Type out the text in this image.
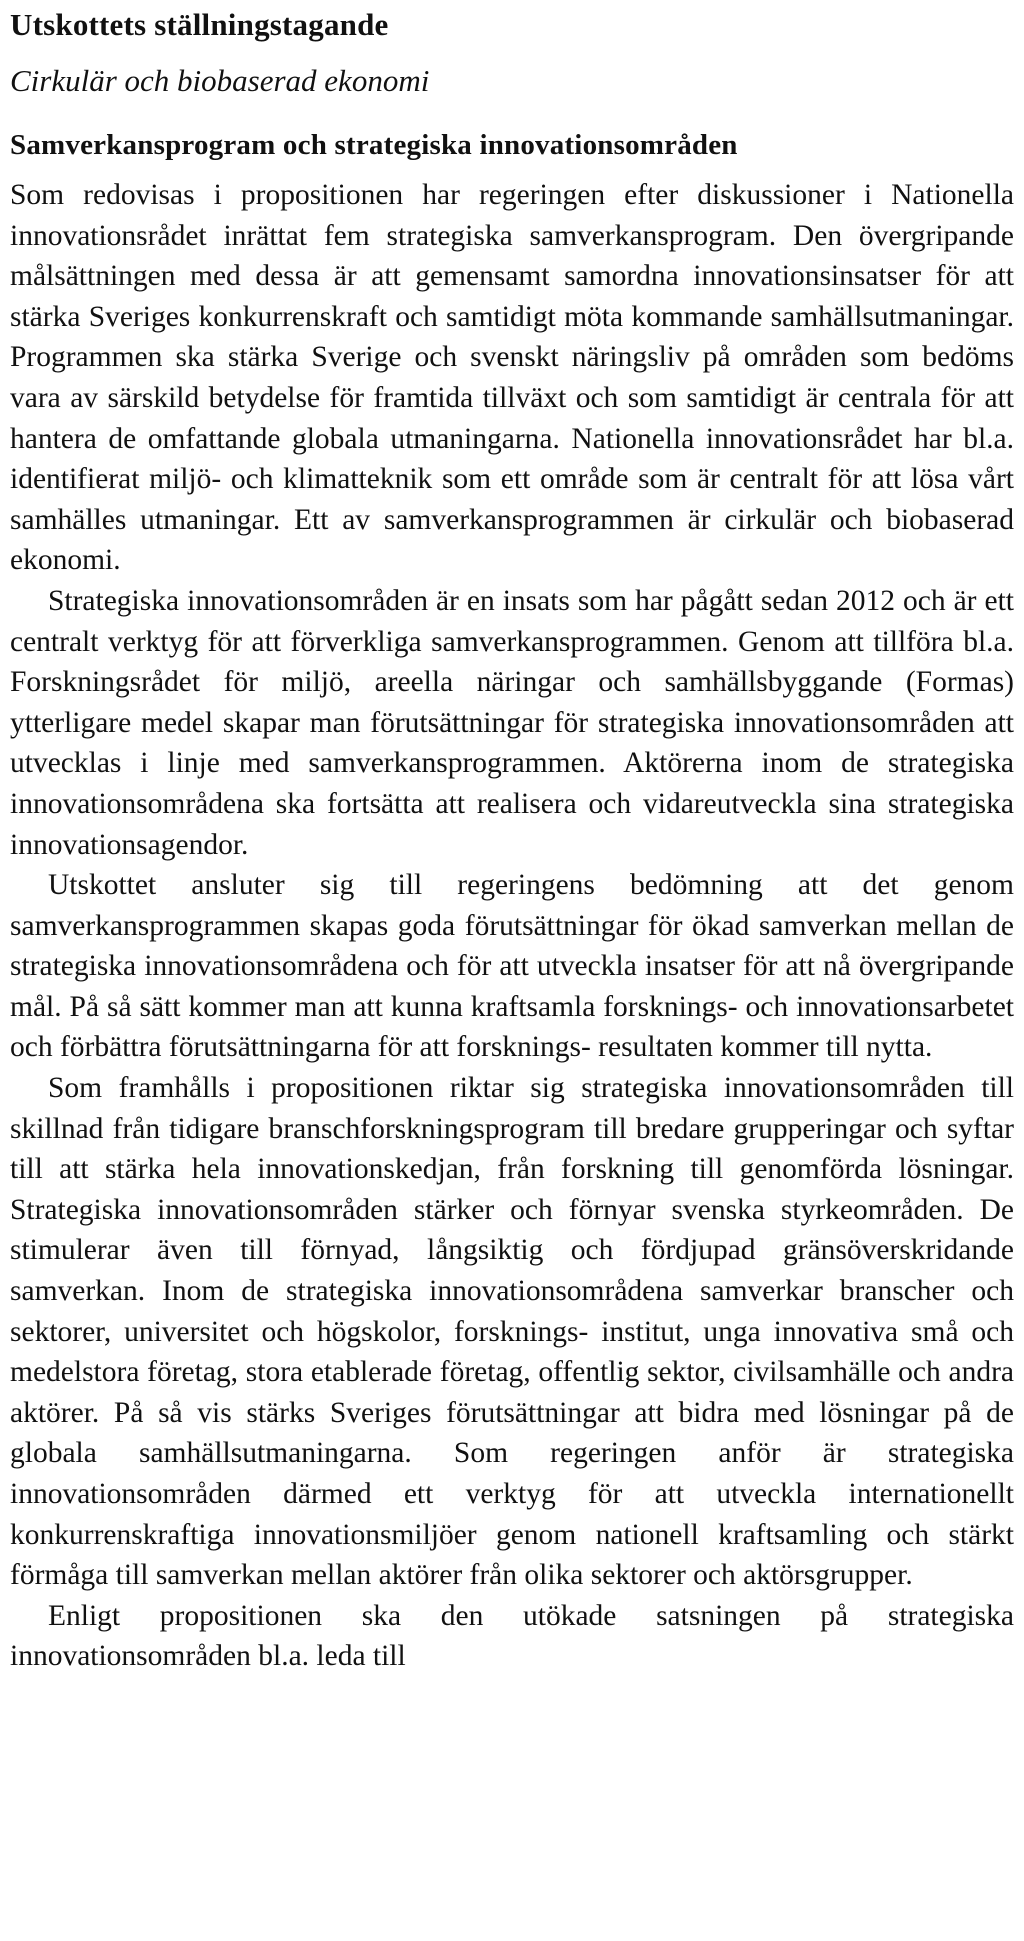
Utskottets ställningstagande
Cirkulär och biobaserad ekonomi
Samverkansprogram och strategiska innovationsområden

Som redovisas i propositionen har regeringen efter diskussioner i Nationella innovationsrådet inrättat fem strategiska samverkansprogram. Den övergripande målsättningen med dessa är att gemensamt samordna innovationsinsatser för att stärka Sveriges konkurrenskraft och samtidigt möta kommande samhällsutmaningar. Programmen ska stärka Sverige och svenskt näringsliv på områden som bedöms vara av särskild betydelse för framtida tillväxt och som samtidigt är centrala för att hantera de omfattande globala utmaningarna. Nationella innovationsrådet har bl.a. identifierat miljö- och klimatteknik som ett område som är centralt för att lösa vårt samhälles utmaningar. Ett av samverkansprogrammen är cirkulär och biobaserad ekonomi.

Strategiska innovationsområden är en insats som har pågått sedan 2012 och är ett centralt verktyg för att förverkliga samverkansprogrammen. Genom att tillföra bl.a. Forskningsrådet för miljö, areella näringar och samhällsbyggande (Formas) ytterligare medel skapar man förutsättningar för strategiska innovationsområden att utvecklas i linje med samverkansprogrammen. Aktörerna inom de strategiska innovationsområdena ska fortsätta att realisera och vidareutveckla sina strategiska innovationsagendor.

Utskottet ansluter sig till regeringens bedömning att det genom samverkansprogrammen skapas goda förutsättningar för ökad samverkan mellan de strategiska innovationsområdena och för att utveckla insatser för att nå övergripande mål. På så sätt kommer man att kunna kraftsamla forsknings- och innovationsarbetet och förbättra förutsättningarna för att forsknings- resultaten kommer till nytta.

Som framhålls i propositionen riktar sig strategiska innovationsområden till skillnad från tidigare branschforskningsprogram till bredare grupperingar och syftar till att stärka hela innovationskedjan, från forskning till genomförda lösningar. Strategiska innovationsområden stärker och förnyar svenska styrkeområden. De stimulerar även till förnyad, långsiktig och fördjupad gränsöverskridande samverkan. Inom de strategiska innovationsområdena samverkar branscher och sektorer, universitet och högskolor, forsknings- institut, unga innovativa små och medelstora företag, stora etablerade företag, offentlig sektor, civilsamhälle och andra aktörer. På så vis stärks Sveriges förutsättningar att bidra med lösningar på de globala samhällsutmaningarna. Som regeringen anför är strategiska innovationsområden därmed ett verktyg för att utveckla internationellt konkurrenskraftiga innovationsmiljöer genom nationell kraftsamling och stärkt förmåga till samverkan mellan aktörer från olika sektorer och aktörsgrupper.

Enligt propositionen ska den utökade satsningen på strategiska innovationsområden bl.a. leda till
